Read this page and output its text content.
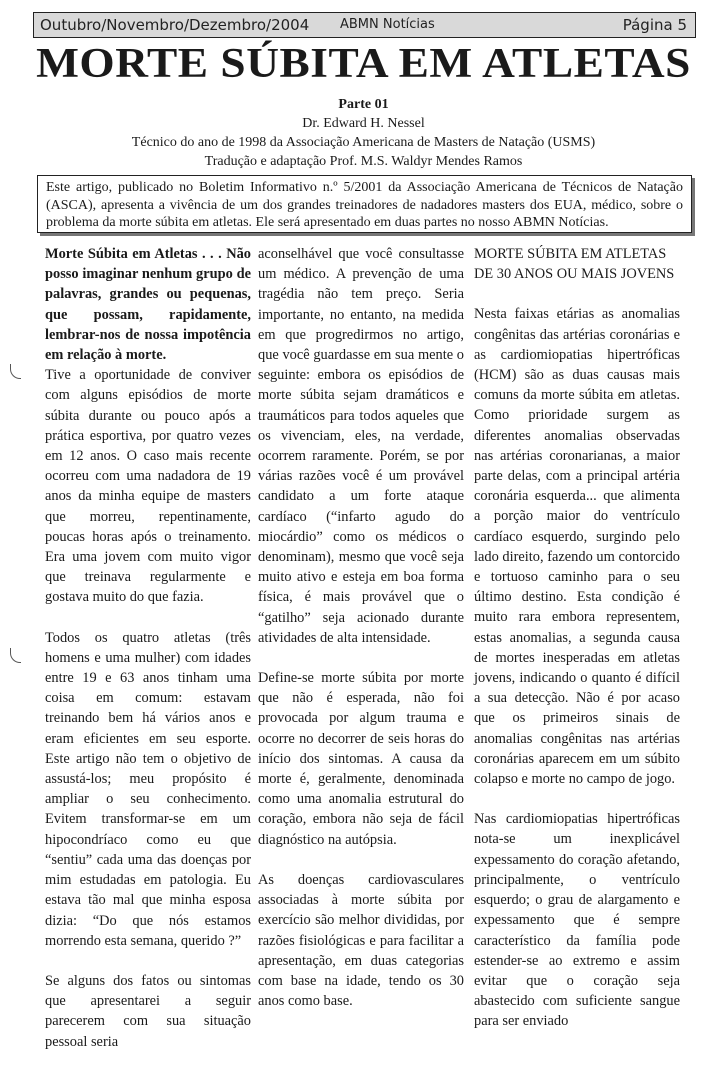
Outubro/Novembro/Dezembro/2004 ABMN Notícias	Página 5
MORTE SÚBITA EM ATLETAS
Parte 01
Dr. Edward H. Nessel
Técnico do ano de 1998 da Associação Americana de Masters de Natação (USMS)
Tradução e adaptação Prof. M.S. Waldyr Mendes Ramos
Este artigo, publicado no Boletim Informativo n.º 5/2001 da Associação Americana de Técnicos de Natação (ASCA), apresenta a vivência de um dos grandes treinadores de nadadores masters dos EUA, médico, sobre o problema da morte súbita em atletas. Ele será apresentado em duas partes no nosso ABMN Notícias.

Morte Súbita em Atletas . . . Não posso imaginar nenhum grupo de palavras, grandes ou pequenas, que possam, rapidamente, lembrar-nos de nossa impotência em relação à morte.

Tive a oportunidade de conviver com alguns episódios de morte súbita durante ou pouco após a prática esportiva, por quatro vezes em 12 anos. O caso mais recente ocorreu com uma nadadora de 19 anos da minha equipe de masters que morreu, repentinamente, poucas horas após o treinamento. Era uma jovem com muito vigor que treinava regularmente e gostava muito do que fazia.

Todos os quatro atletas (três homens e uma mulher) com idades entre 19 e 63 anos tinham uma coisa em comum: estavam treinando bem há vários anos e eram eficientes em seu esporte. Este artigo não tem o objetivo de assustá-los; meu propósito é ampliar o seu conhecimento. Evitem transformar-se em um hipocondríaco como eu que “sentiu” cada uma das doenças por mim estudadas em patologia. Eu estava tão mal que minha esposa dizia: “Do que nós estamos morrendo esta semana, querido ?”

Se alguns dos fatos ou sintomas que apresentarei a seguir parecerem com sua situação pessoal seria

aconselhável que você consultasse um médico. A prevenção de uma tragédia não tem preço. Seria importante, no entanto, na medida em que progredirmos no artigo, que você guardasse em sua mente o seguinte: embora os episódios de morte súbita sejam dramáticos e traumáticos para todos aqueles que os vivenciam, eles, na verdade, ocorrem raramente. Porém, se por várias razões você é um provável candidato a um forte ataque cardíaco (“infarto agudo do miocárdio” como os médicos o denominam), mesmo que você seja muito ativo e esteja em boa forma física, é mais provável que o “gatilho” seja acionado durante atividades de alta intensidade.

Define-se morte súbita por morte que não é esperada, não foi provocada por algum trauma e ocorre no decorrer de seis horas do início dos sintomas. A causa da morte é, geralmente, denominada como uma anomalia estrutural do coração, embora não seja de fácil diagnóstico na autópsia.

As doenças cardiovasculares associadas à morte súbita por exercício são melhor divididas, por razões fisiológicas e para facilitar a apresentação, em duas categorias com base na idade, tendo os 30 anos como base.

MORTE SÚBITA EM ATLETAS DE 30 ANOS OU MAIS JOVENS

Nesta faixas etárias as anomalias congênitas das artérias coronárias e as cardiomiopatias hipertróficas (HCM) são as duas causas mais comuns da morte súbita em atletas. Como prioridade surgem as diferentes anomalias observadas nas artérias coronarianas, a maior parte delas, com a principal artéria coronária esquerda... que alimenta a porção maior do ventrículo cardíaco esquerdo, surgindo pelo lado direito, fazendo um contorcido e tortuoso caminho para o seu último destino. Esta condição é muito rara embora representem, estas anomalias, a segunda causa de mortes inesperadas em atletas jovens, indicando o quanto é difícil a sua detecção. Não é por acaso que os primeiros sinais de anomalias congênitas nas artérias coronárias aparecem em um súbito colapso e morte no campo de jogo.

Nas cardiomiopatias hipertróficas nota-se um inexplicável expessamento do coração afetando, principalmente, o ventrículo esquerdo; o grau de alargamento e expessamento que é sempre característico da família pode estender-se ao extremo e assim evitar que o coração seja abastecido com suficiente sangue para ser enviado
